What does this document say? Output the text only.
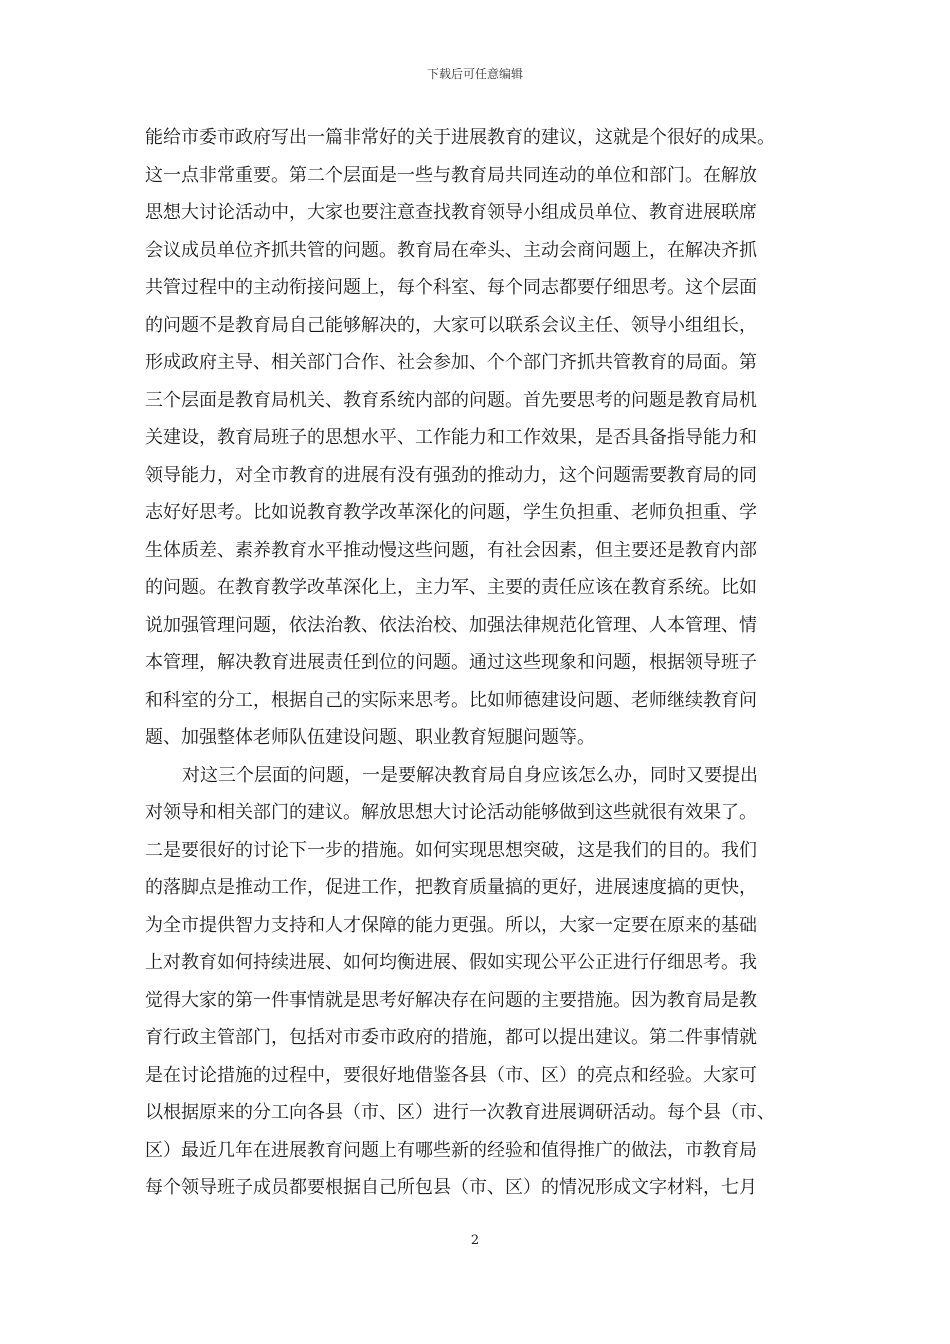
下载后可任意编辑
能给市委市政府写出一篇非常好的关于进展教育的建议，这就是个很好的成果。
这一点非常重要。第二个层面是一些与教育局共同连动的单位和部门。在解放
思想大讨论活动中，大家也要注意查找教育领导小组成员单位、教育进展联席
会议成员单位齐抓共管的问题。教育局在牵头、主动会商问题上，在解决齐抓
共管过程中的主动衔接问题上，每个科室、每个同志都要仔细思考。这个层面
的问题不是教育局自己能够解决的，大家可以联系会议主任、领导小组组长，
形成政府主导、相关部门合作、社会参加、个个部门齐抓共管教育的局面。第
三个层面是教育局机关、教育系统内部的问题。首先要思考的问题是教育局机
关建设，教育局班子的思想水平、工作能力和工作效果，是否具备指导能力和
领导能力，对全市教育的进展有没有强劲的推动力，这个问题需要教育局的同
志好好思考。比如说教育教学改革深化的问题，学生负担重、老师负担重、学
生体质差、素养教育水平推动慢这些问题，有社会因素，但主要还是教育内部
的问题。在教育教学改革深化上，主力军、主要的责任应该在教育系统。比如
说加强管理问题，依法治教、依法治校、加强法律规范化管理、人本管理、情
本管理，解决教育进展责任到位的问题。通过这些现象和问题，根据领导班子
和科室的分工，根据自己的实际来思考。比如师德建设问题、老师继续教育问
题、加强整体老师队伍建设问题、职业教育短腿问题等。
对这三个层面的问题，一是要解决教育局自身应该怎么办，同时又要提出
对领导和相关部门的建议。解放思想大讨论活动能够做到这些就很有效果了。
二是要很好的讨论下一步的措施。如何实现思想突破，这是我们的目的。我们
的落脚点是推动工作，促进工作，把教育质量搞的更好，进展速度搞的更快，
为全市提供智力支持和人才保障的能力更强。所以，大家一定要在原来的基础
上对教育如何持续进展、如何均衡进展、假如实现公平公正进行仔细思考。我
觉得大家的第一件事情就是思考好解决存在问题的主要措施。因为教育局是教
育行政主管部门，包括对市委市政府的措施，都可以提出建议。第二件事情就
是在讨论措施的过程中，要很好地借鉴各县（市、区）的亮点和经验。大家可
以根据原来的分工向各县（市、区）进行一次教育进展调研活动。每个县（市、
区）最近几年在进展教育问题上有哪些新的经验和值得推广的做法，市教育局
每个领导班子成员都要根据自己所包县（市、区）的情况形成文字材料，七月
2
